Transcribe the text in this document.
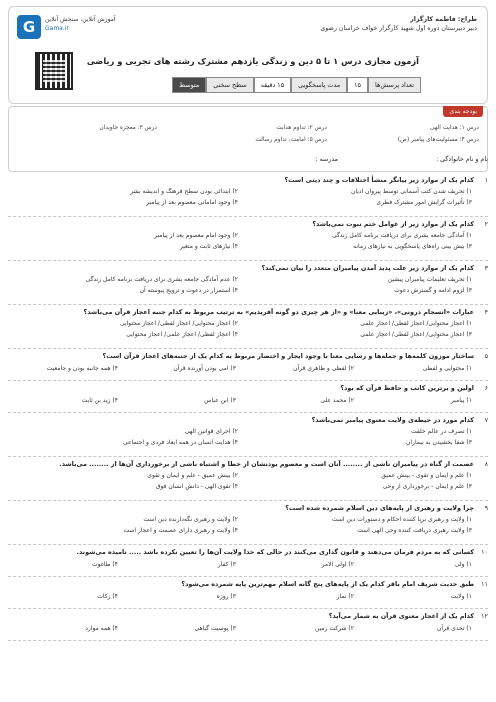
G	آموزش آنلاین، سنجش آنلاین
Gama.ir
طراح: فاطمه کارگزار
دبیر دبیرستان دوره اول شهید کارگزار خواف خراسان رضوی
آزمون مجازی درس ۱ تا ۵ دین و زندگی یازدهم مشترک رشته های تجربی و ریاضی
تعداد پرسش‌ها
۱۵
مدت پاسخگویی
۱۵ دقیقه
سطح سختی
متوسط
بودجه بندی
درس ۱: هدایت الهی
درس ۲: تداوم هدایت
درس ۳: معجزه جاویدان
درس ۴: مسئولیت‌های پیامبر (ص)
درس ۵: امامت، تداوم رسالت
نام و نام خانوادگی :
مدرسه :
۱
کدام یک از موارد زیر بیانگر منشأ اختلافات و چند دینی است؟
۱) تحریف شدن کتب آسمانی توسط پیروان ادیان
۲) ابتدائی بودن سطح فرهنگ و اندیشه بشر
۳) تأثیرات گرایش امور مشترک فطری
۴) وجود امامانی معصوم بعد از پیامبر
۲
کدام یک از موارد زیر از عوامل ختم نبوت نمی‌باشد؟
۱) آمادگی جامعه بشری برای دریافت برنامه کامل زندگی
۲) وجود امام معصوم بعد از پیامبر
۳) بیش بینی راه‌های پاسخگویی به نیازهای زمانه
۴) نیازهای ثابت و متغیر
۳
کدام یک از موارد زیر علت پدید آمدن پیامبران متعدد را بیان نمی‌کند؟
۱) تحریف تعلیمات پیامبران پیشین
۲) عدم آمادگی جامعه بشری برای دریافت برنامه کامل زندگی
۳) لزوم ادامه و گسترش دعوت
۴) استمرار در دعوت و ترویج پیوسته آن
۴
عبارات «انسجام درونی»، «زیبایی معنا» و «از هر چیزی دو گونه آفریدیم» به ترتیب مربوط به کدام جنبه اعجاز قرآن می‌باشد؟
۱) اعجاز محتوایی/ اعجاز لفظی/ اعجاز علمی
۲) اعجاز محتوایی/ اعجاز لفظی/ اعجاز محتوایی
۳) اعجاز محتوایی/ اعجاز لفظی/ اعجاز علمی
۴) اعجاز لفظی/ اعجاز علمی/ اعجاز محتوایی
۵
ساختار موزون کلمه‌ها و جمله‌ها و رسایی معنا با وجود ایجاز و اختصار مربوط به کدام یک از جنبه‌های اعجاز قرآن است؟
۱) محتوایی و لفظی
۲) لفظی و ظاهری قرآن
۳) امی بودن آورنده قرآن
۴) همه جانبه بودن و جامعیت
۶
اولین و برترین کاتب و حافظ قرآن که بود؟
۱) پیامبر
۲) محمد علی
۳) ابن عباس
۴) زید بن ثابت
۷
کدام مورد در حیطه‌ی ولایت معنوی پیامبر نمی‌باشد؟
۱) تصرف در عالم خلقت
۲) اجرای قوانین الهی
۳) شفا بخشیدن به بیماران
۴) هدایت انسان در همه ابعاد فردی و اجتماعی
۸
عصمت از گناه در پیامبران ناشی از ........ آنان است و معصوم بودنشان از خطا و اشتباه ناشی از برخورداری آن‌ها از ........ می‌باشد.
۱) علم و ایمان و تقوی - بینش عمیق
۲) بینش عمیق - علم و ایمان و تقوی
۳) علم و ایمان - برخورداری از وحی
۴) تقوی الهی - دانش انسان فوق
۹
چرا ولایت و رهبری از پایه‌های دین اسلام شمرده شده است؟
۱) ولایت و رهبری برپا کننده احکام و دستورات دین است
۲) ولایت و رهبری نگه‌دارنده دین است
۳) ولایت رهبری دریافت کننده وحی الهی است
۴) ولایت و رهبری دارای عصمت و اعجاز است
۱۰
کسانی که به مردم فرمان می‌دهند و قانون گذاری می‌کنند در حالی که خدا ولایت آن‌ها را تعیین نکرده باشد ..... نامیده می‌شوند.
۱) ولی
۲) اولی الامر
۳) کفار
۴) طاغوت
۱۱
طبق حدیث شریف امام باقر کدام یک از پایه‌های پنج گانه اسلام مهم‌ترین پایه شمرده می‌شود؟
۱) ولایت
۲) نماز
۳) روزه
۴) زکات
۱۲
کدام یک از اعجاز معنوی قرآن به شمار می‌آید؟
۱) تحدی قرآن
۲) شرکت زمین
۳) پوسیت گیاهی
۴) همه موارد
